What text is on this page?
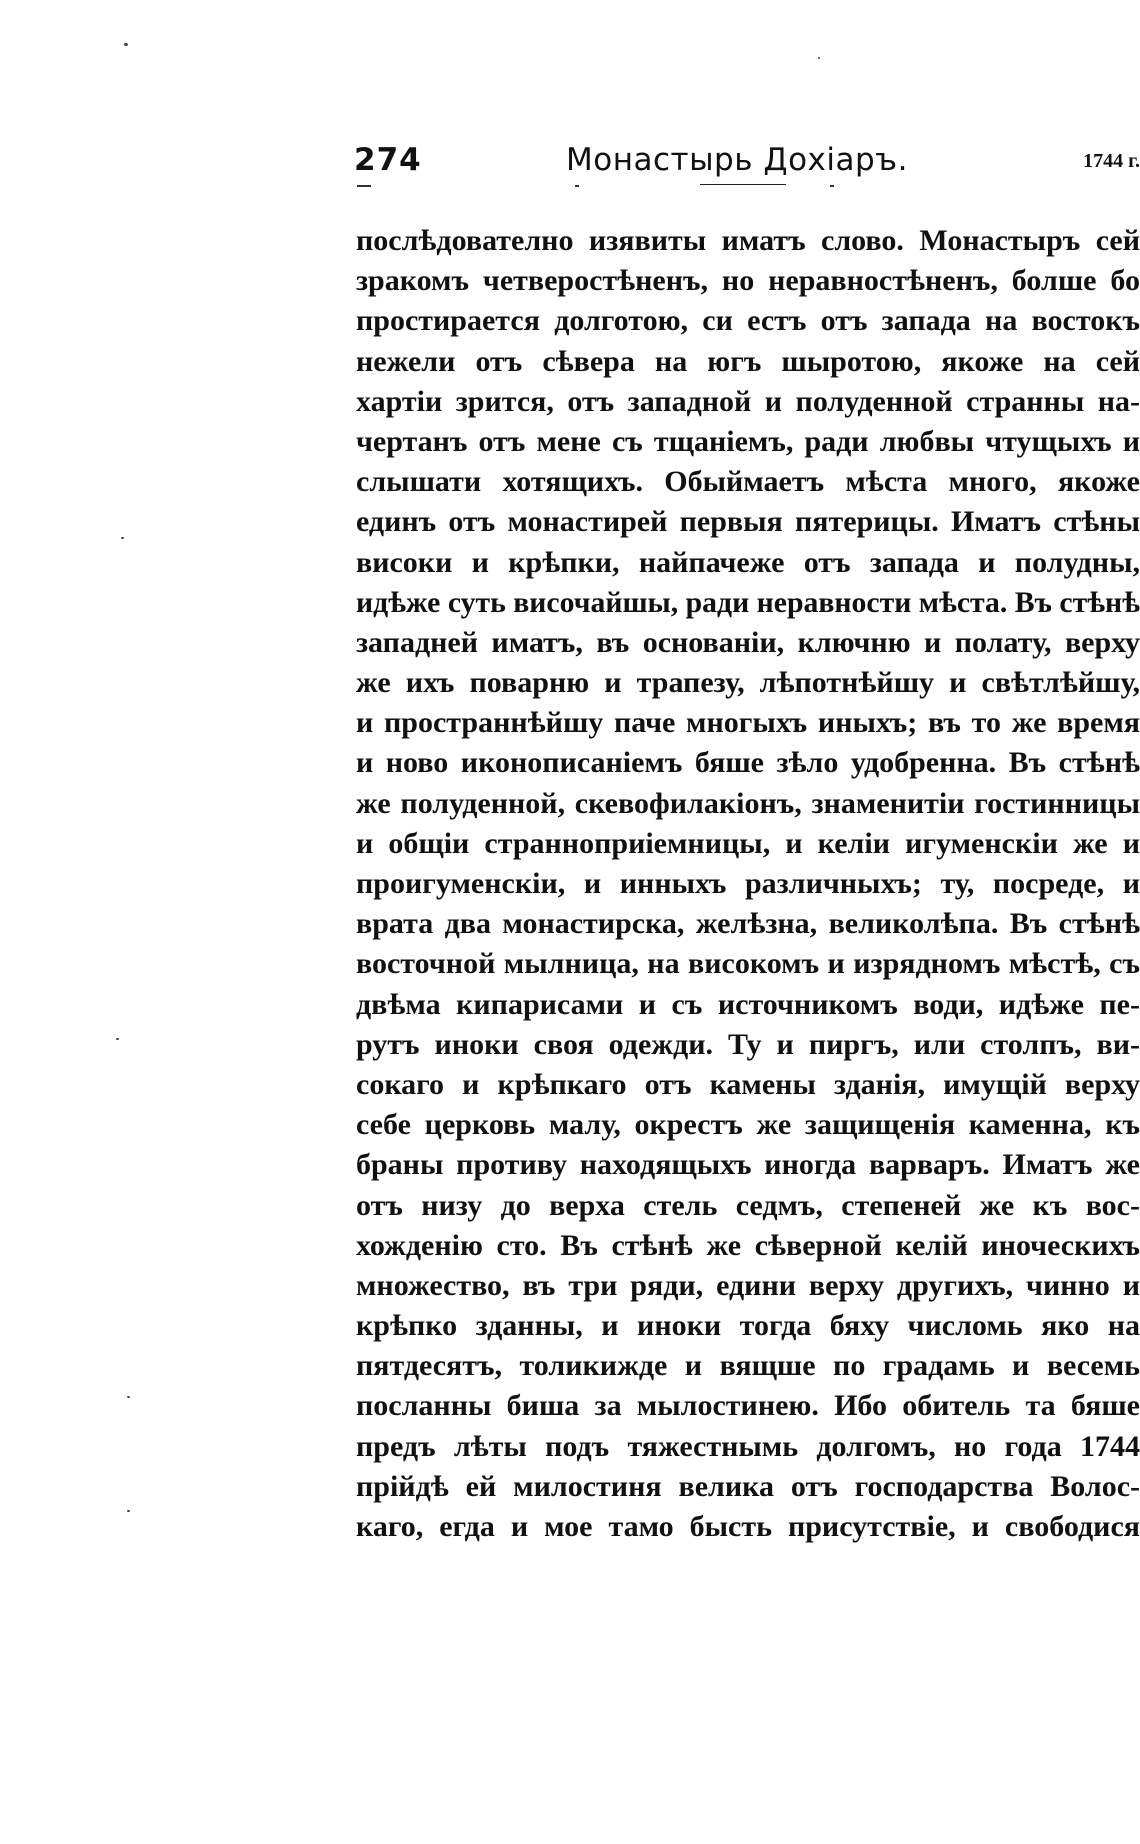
274	Монастырь Дохіаръ.	1744 г.
послѣдователно изявиты иматъ слово. Монастыръ сей
зракомъ четверостѣненъ, но неравностѣненъ, болше бо
простирается долготою, си естъ отъ запада на востокъ
нежели отъ сѣвера на югъ шыротою, якоже на сей
хартіи зрится, отъ западной и полуденной странны на-
чертанъ отъ мене съ тщаніемъ, ради любвы чтущыхъ и
слышати хотящихъ. Обыймаетъ мѣста много, якоже
единъ отъ монастирей первыя пятерицы. Иматъ стѣны
високи и крѣпки, найпачеже отъ запада и полудны,
идѣже суть височайшы, ради неравности мѣста. Въ стѣнѣ
западней иматъ, въ основаніи, ключню и полату, верху
же ихъ поварню и трапезу, лѣпотнѣйшу и свѣтлѣйшу,
и пространнѣйшу паче многыхъ иныхъ; въ то же время
и ново иконописаніемъ бяше зѣло удобренна. Въ стѣнѣ
же полуденной, скевофилакіонъ, знаменитіи гостинницы
и общіи странноприіемницы, и келіи игуменскіи же и
проигуменскіи, и инныхъ различныхъ; ту, посреде, и
врата два монастирска, желѣзна, великолѣпа. Въ стѣнѣ
восточной мылница, на високомъ и изрядномъ мѣстѣ, съ
двѣма кипарисами и съ источникомъ води, идѣже пе-
рутъ иноки своя одежди. Ту и пиргъ, или столпъ, ви-
сокаго и крѣпкаго отъ камены зданія, имущій верху
себе церковь малу, окрестъ же защищенія каменна, къ
браны противу находящыхъ иногда варваръ. Иматъ же
отъ низу до верха стель седмъ, степеней же къ вос-
хожденію сто. Въ стѣнѣ же сѣверной келій иноческихъ
множество, въ три ряди, едини верху другихъ, чинно и
крѣпко зданны, и иноки тогда бяху числомь яко на
пятдесятъ, толикижде и вящше по градамь и весемь
посланны биша за мылостинею. Ибо обитель та бяше
предъ лѣты подъ тяжестнымь долгомъ, но года 1744
прійдѣ ей милостиня велика отъ господарства Волос-
каго, егда и мое тамо бысть присутствіе, и свободися
